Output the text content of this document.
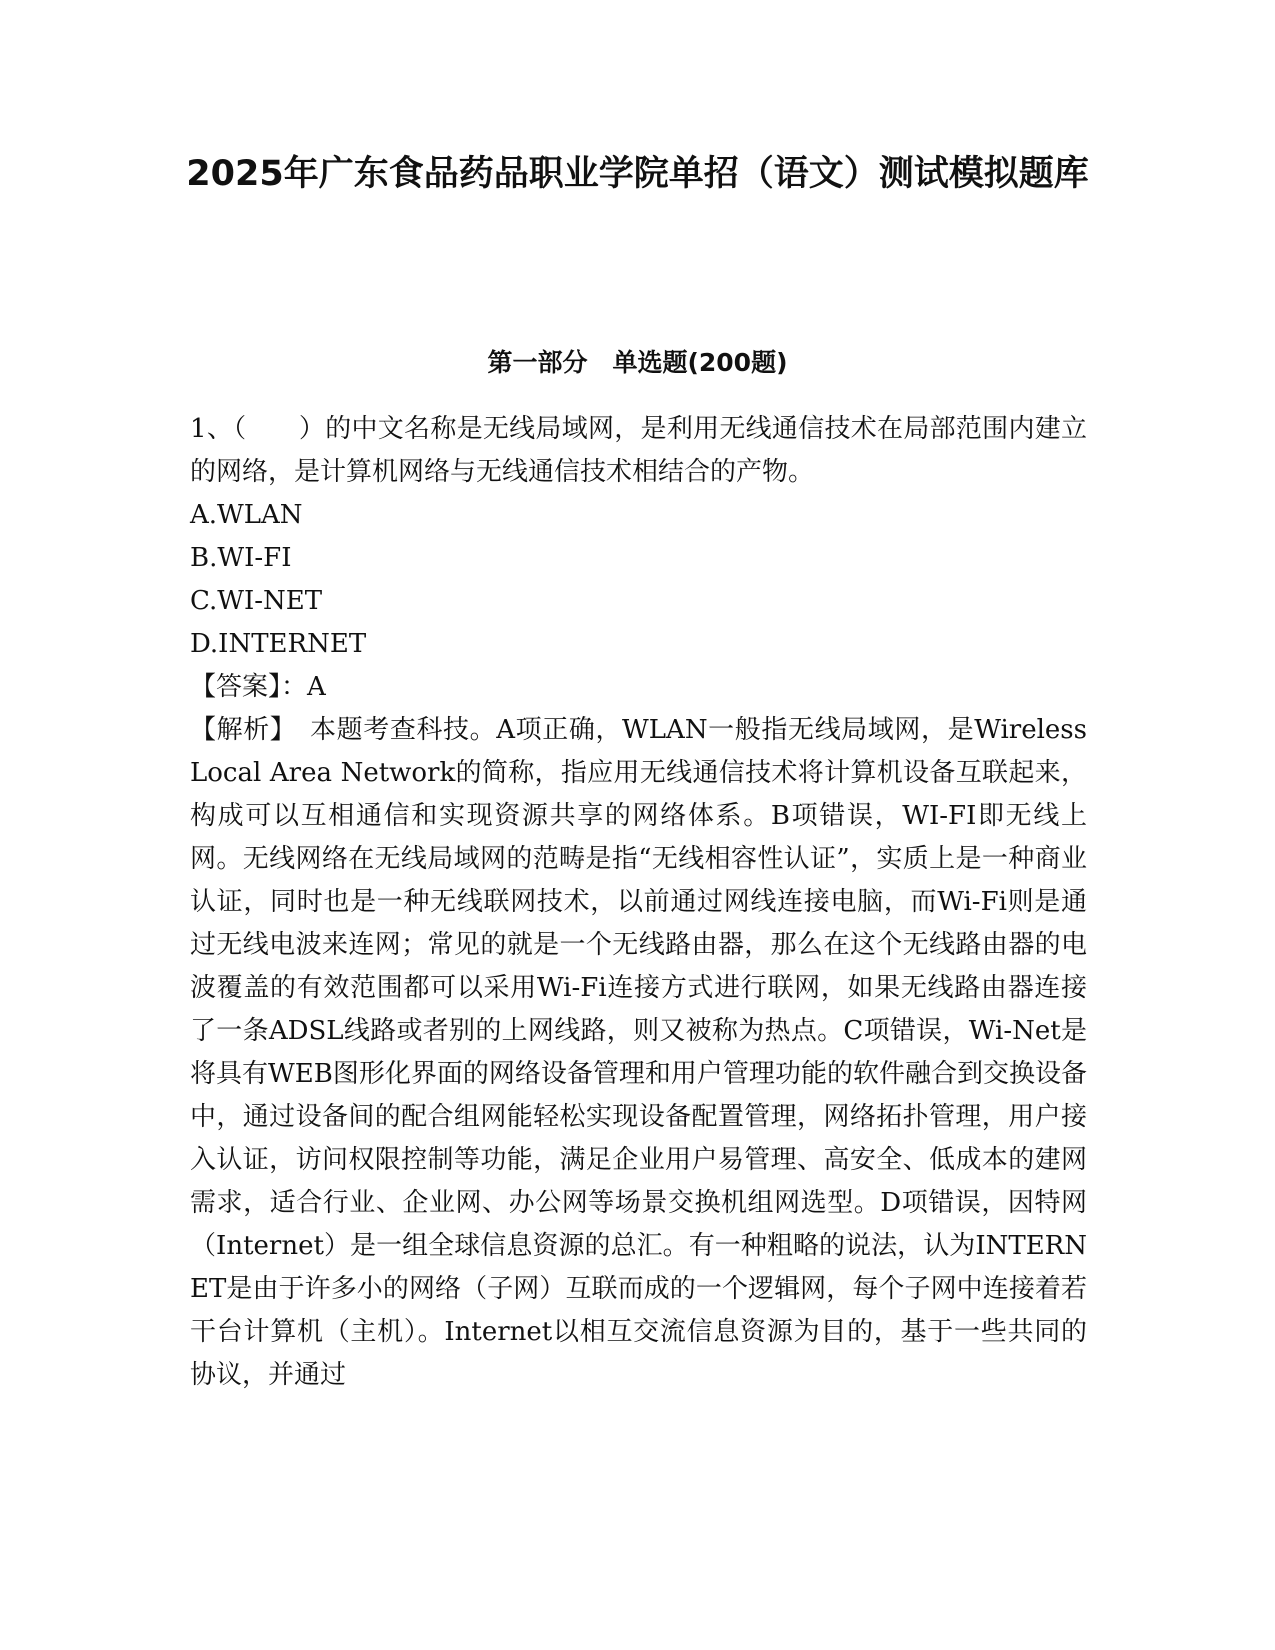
2025年广东食品药品职业学院单招（语文）测试模拟题库
第一部分　单选题(200题)

1、（　　）的中文名称是无线局域网，是利用无线通信技术在局部范围内建立的网络，是计算机网络与无线通信技术相结合的产物。

A.WLAN
B.WI-FI
C.WI-NET
D.INTERNET

【答案】：A

【解析】　本题考查科技。A项正确，WLAN一般指无线局域网，是Wireless Local Area Network的简称，指应用无线通信技术将计算机设备互联起来，构成可以互相通信和实现资源共享的网络体系。B项错误，WI-FI即无线上网。无线网络在无线局域网的范畴是指“无线相容性认证”，实质上是一种商业认证，同时也是一种无线联网技术，以前通过网线连接电脑，而Wi-Fi则是通过无线电波来连网；常见的就是一个无线路由器，那么在这个无线路由器的电波覆盖的有效范围都可以采用Wi-Fi连接方式进行联网，如果无线路由器连接了一条ADSL线路或者别的上网线路，则又被称为热点。C项错误，Wi-Net是将具有WEB图形化界面的网络设备管理和用户管理功能的软件融合到交换设备中，通过设备间的配合组网能轻松实现设备配置管理，网络拓扑管理，用户接入认证，访问权限控制等功能，满足企业用户易管理、高安全、低成本的建网需求，适合行业、企业网、办公网等场景交换机组网选型。D项错误，因特网（Internet）是一组全球信息资源的总汇。有一种粗略的说法，认为INTERNET是由于许多小的网络（子网）互联而成的一个逻辑网，每个子网中连接着若干台计算机（主机）。Internet以相互交流信息资源为目的，基于一些共同的协议，并通过
